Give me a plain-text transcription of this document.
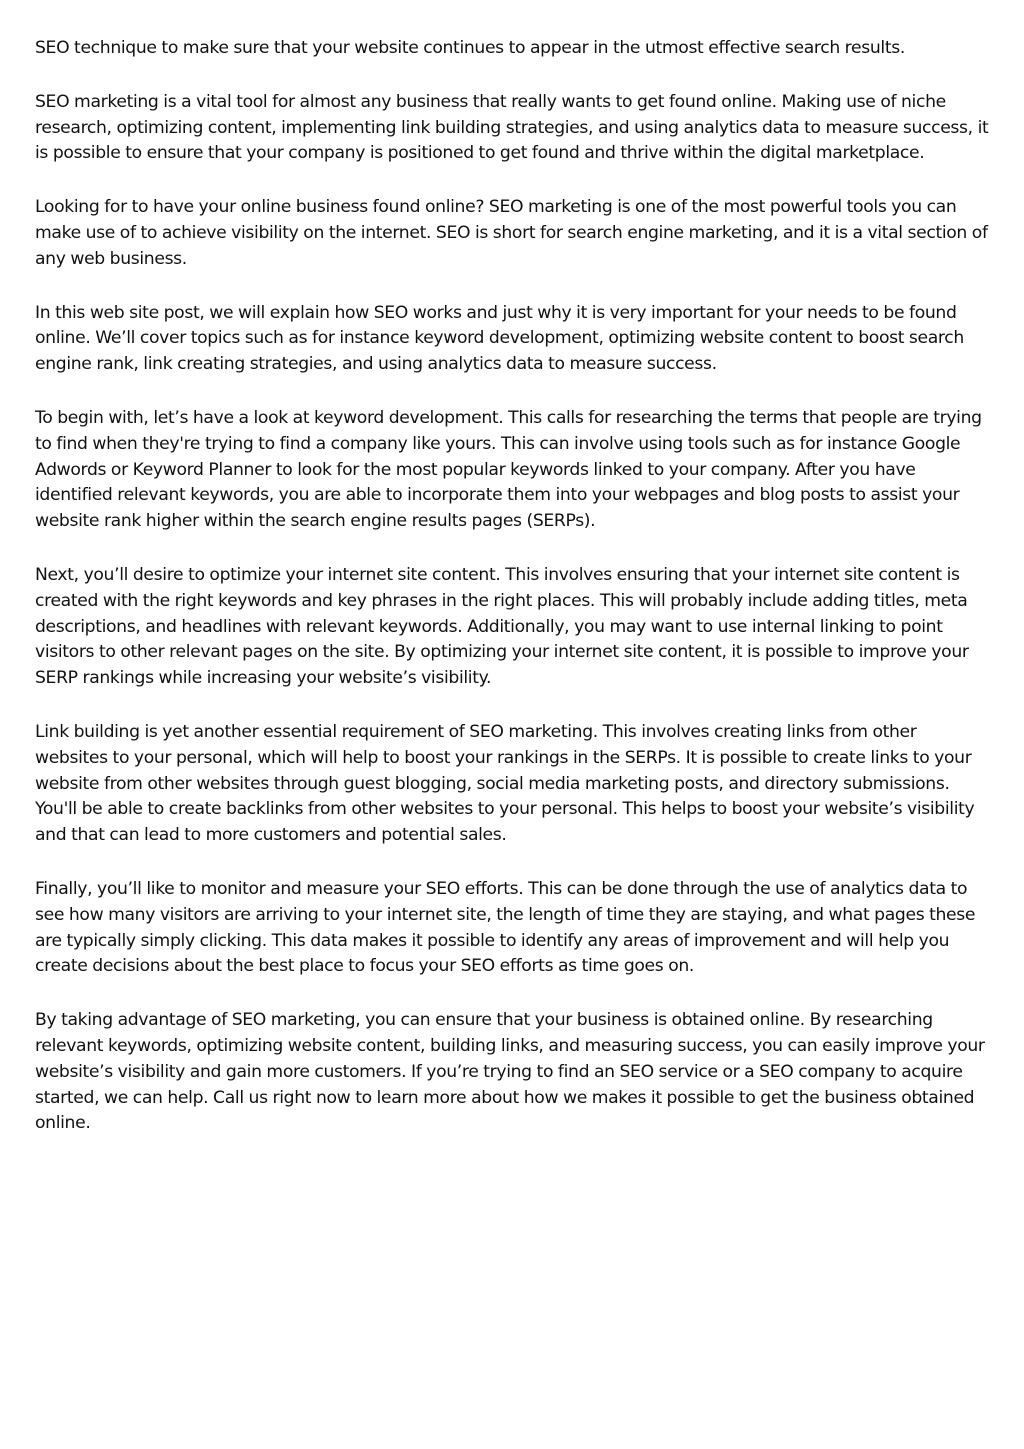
SEO technique to make sure that your website continues to appear in the utmost effective search results.

SEO marketing is a vital tool for almost any business that really wants to get found online. Making use of niche research, optimizing content, implementing link building strategies, and using analytics data to measure success, it is possible to ensure that your company is positioned to get found and thrive within the digital marketplace.

Looking for to have your online business found online? SEO marketing is one of the most powerful tools you can make use of to achieve visibility on the internet. SEO is short for search engine marketing, and it is a vital section of any web business.

In this web site post, we will explain how SEO works and just why it is very important for your needs to be found online. We’ll cover topics such as for instance keyword development, optimizing website content to boost search engine rank, link creating strategies, and using analytics data to measure success.

To begin with, let’s have a look at keyword development. This calls for researching the terms that people are trying to find when they're trying to find a company like yours. This can involve using tools such as for instance Google Adwords or Keyword Planner to look for the most popular keywords linked to your company. After you have identified relevant keywords, you are able to incorporate them into your webpages and blog posts to assist your website rank higher within the search engine results pages (SERPs).

Next, you’ll desire to optimize your internet site content. This involves ensuring that your internet site content is created with the right keywords and key phrases in the right places. This will probably include adding titles, meta descriptions, and headlines with relevant keywords. Additionally, you may want to use internal linking to point visitors to other relevant pages on the site. By optimizing your internet site content, it is possible to improve your SERP rankings while increasing your website’s visibility.

Link building is yet another essential requirement of SEO marketing. This involves creating links from other websites to your personal, which will help to boost your rankings in the SERPs. It is possible to create links to your website from other websites through guest blogging, social media marketing posts, and directory submissions. You'll be able to create backlinks from other websites to your personal. This helps to boost your website’s visibility and that can lead to more customers and potential sales.

Finally, you’ll like to monitor and measure your SEO efforts. This can be done through the use of analytics data to see how many visitors are arriving to your internet site, the length of time they are staying, and what pages these are typically simply clicking. This data makes it possible to identify any areas of improvement and will help you create decisions about the best place to focus your SEO efforts as time goes on.

By taking advantage of SEO marketing, you can ensure that your business is obtained online. By researching relevant keywords, optimizing website content, building links, and measuring success, you can easily improve your website’s visibility and gain more customers. If you’re trying to find an SEO service or a SEO company to acquire started, we can help. Call us right now to learn more about how we makes it possible to get the business obtained online.
